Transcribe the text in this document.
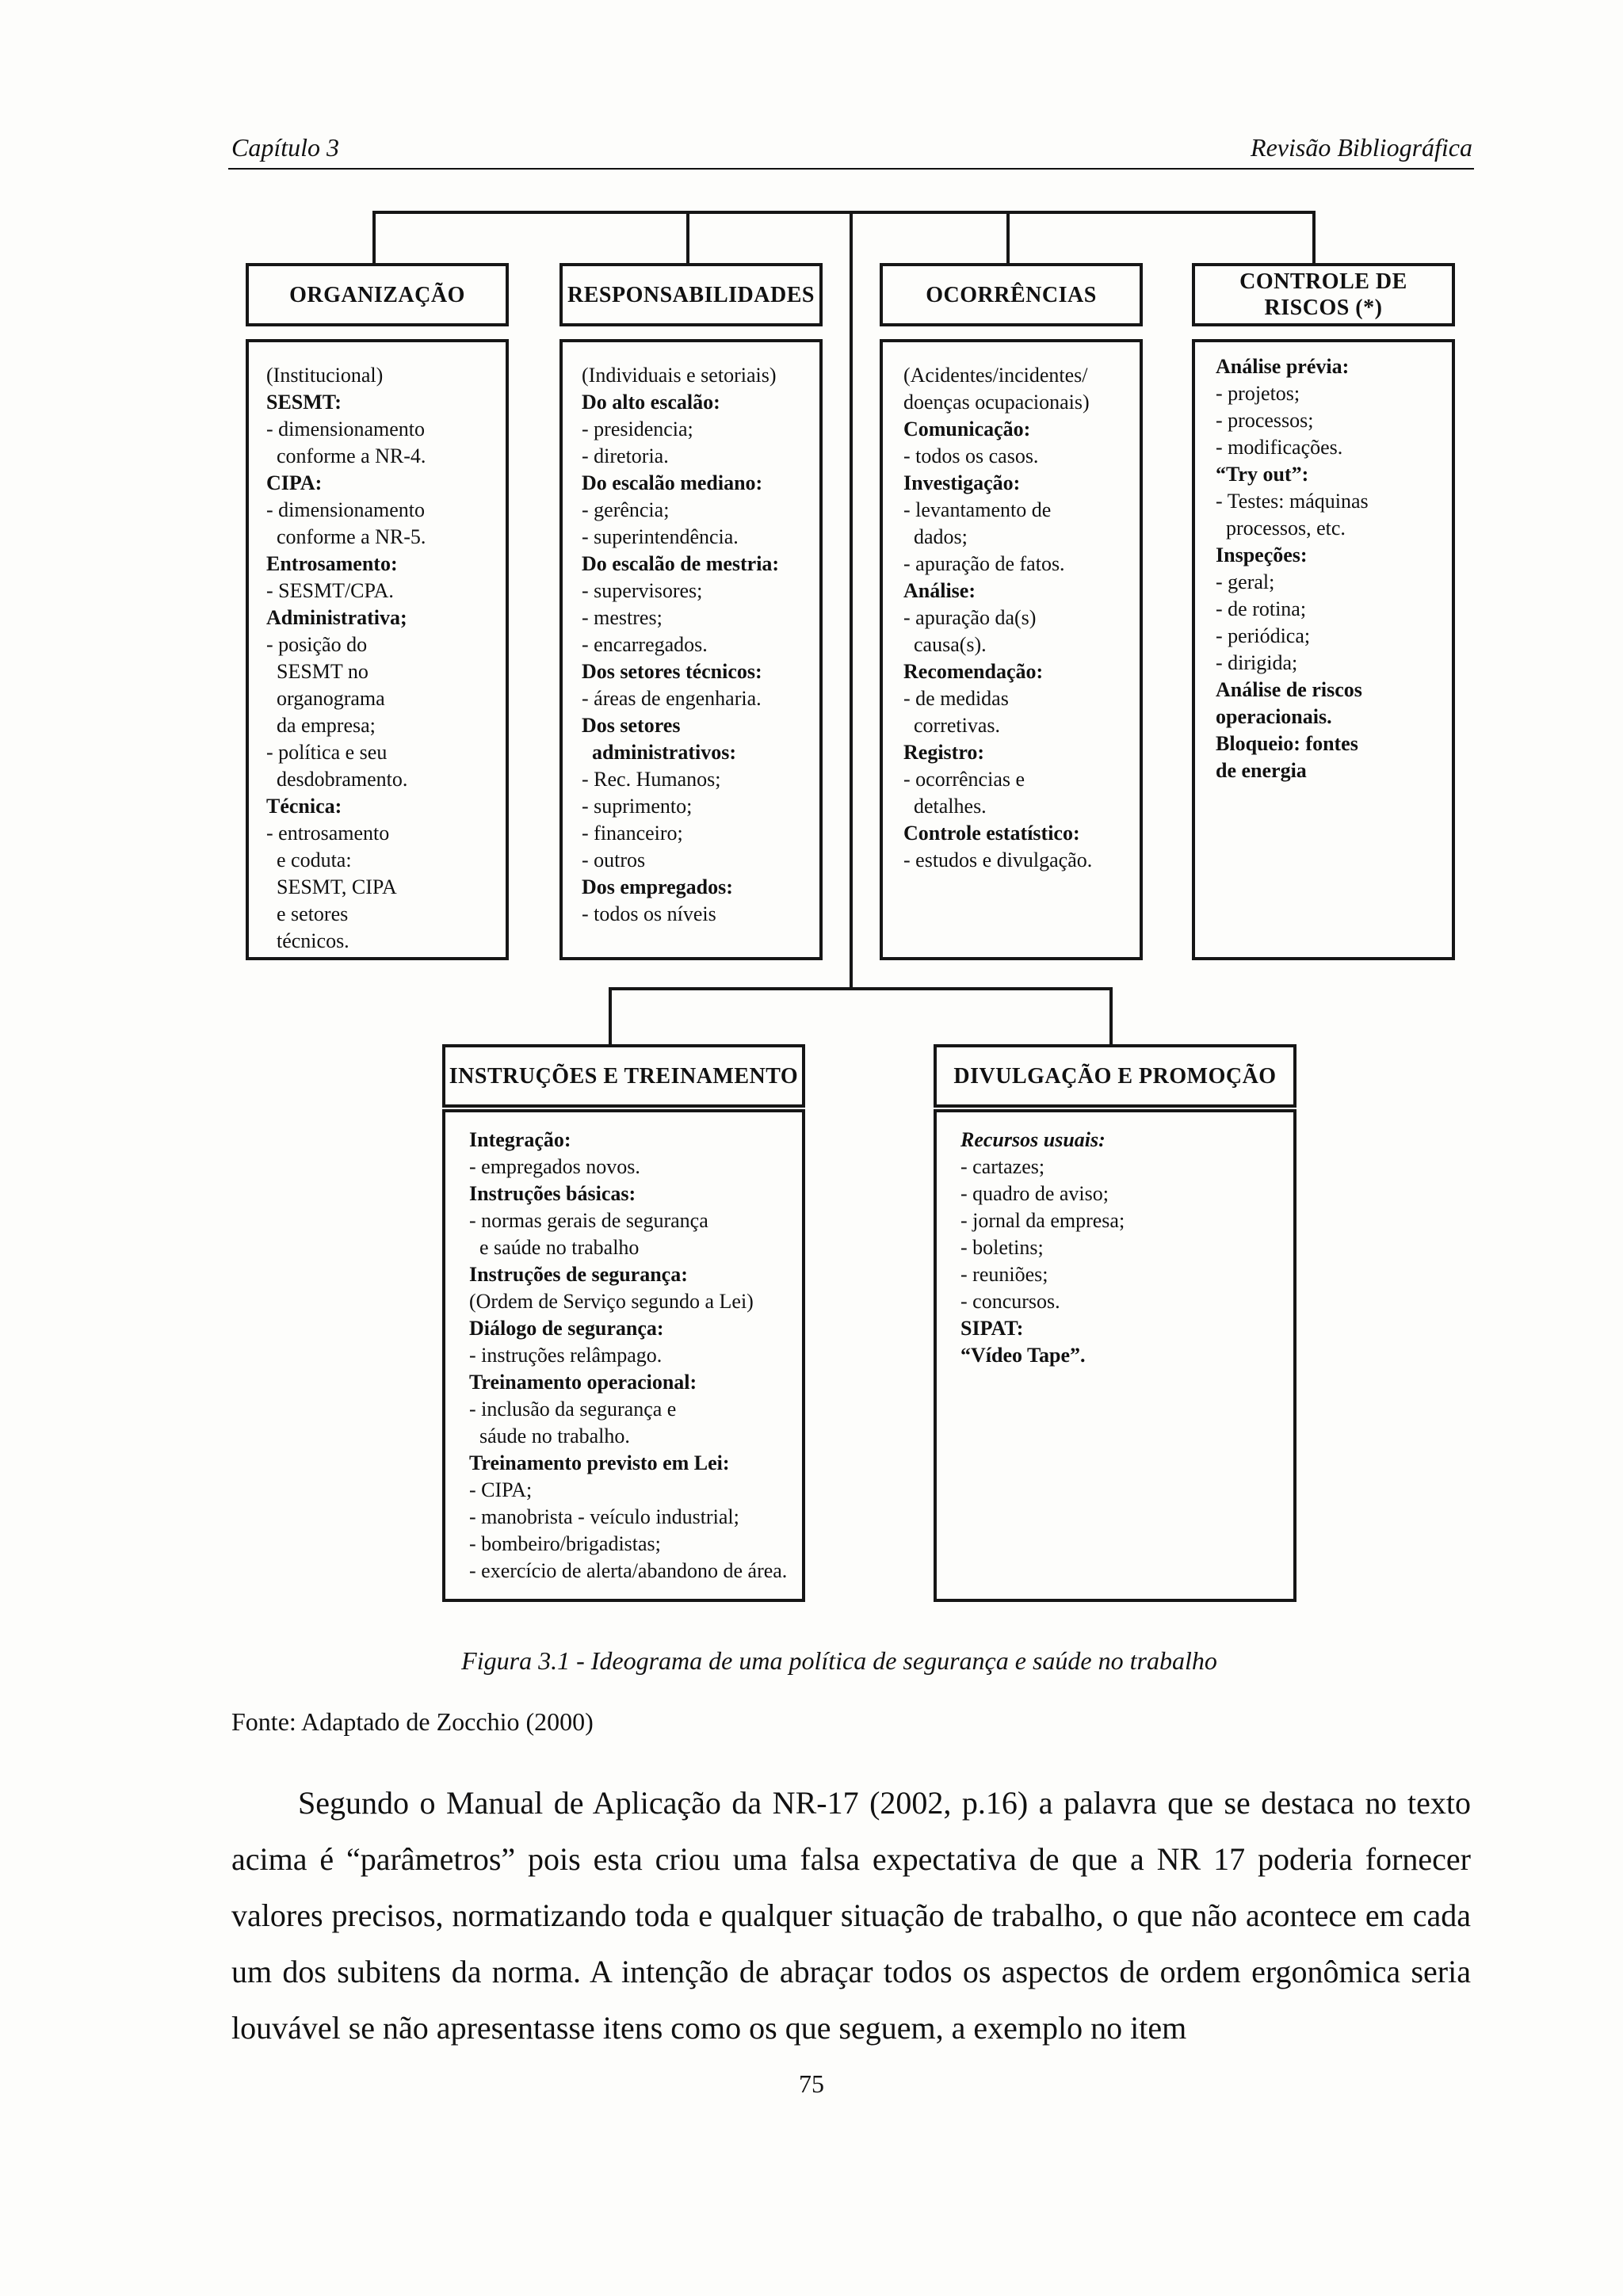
Capítulo 3	Revisão Bibliográfica
ORGANIZAÇÃO
(Institucional)
SESMT:
- dimensionamento
conforme a NR-4.
CIPA:
- dimensionamento
conforme a NR-5.
Entrosamento:
- SESMT/CPA.
Administrativa;
- posição do
SESMT no
organograma
da empresa;
- política e seu
desdobramento.
Técnica:
- entrosamento
e coduta:
SESMT, CIPA
e setores
técnicos.
RESPONSABILIDADES
(Individuais e setoriais)
Do alto escalão:
- presidencia;
- diretoria.
Do escalão mediano:
- gerência;
- superintendência.
Do escalão de mestria:
- supervisores;
- mestres;
- encarregados.
Dos setores técnicos:
- áreas de engenharia.
Dos setores
administrativos:
- Rec. Humanos;
- suprimento;
- financeiro;
- outros
Dos empregados:
- todos os níveis
OCORRÊNCIAS
(Acidentes/incidentes/
doenças ocupacionais)
Comunicação:
- todos os casos.
Investigação:
- levantamento de
dados;
- apuração de fatos.
Análise:
- apuração da(s)
causa(s).
Recomendação:
- de medidas
corretivas.
Registro:
- ocorrências e
detalhes.
Controle estatístico:
- estudos e divulgação.
CONTROLE DE
RISCOS (*)
Análise prévia:
- projetos;
- processos;
- modificações.
“Try out”:
- Testes: máquinas
processos, etc.
Inspeções:
- geral;
- de rotina;
- periódica;
- dirigida;
Análise de riscos
operacionais.
Bloqueio: fontes
de energia
INSTRUÇÕES E TREINAMENTO
Integração:
- empregados novos.
Instruções básicas:
- normas gerais de segurança
e saúde no trabalho
Instruções de segurança:
(Ordem de Serviço segundo a Lei)
Diálogo de segurança:
- instruções relâmpago.
Treinamento operacional:
- inclusão da segurança e
sáude no trabalho.
Treinamento previsto em Lei:
- CIPA;
- manobrista - veículo industrial;
- bombeiro/brigadistas;
- exercício de alerta/abandono de área.
DIVULGAÇÃO E PROMOÇÃO
Recursos usuais:
- cartazes;
- quadro de aviso;
- jornal da empresa;
- boletins;
- reuniões;
- concursos.
SIPAT:
“Vídeo Tape”.
Figura 3.1 - Ideograma de uma política de segurança e saúde no trabalho
Fonte: Adaptado de Zocchio (2000)

Segundo o Manual de Aplicação da NR-17 (2002, p.16) a palavra que se destaca no texto acima é “parâmetros” pois esta criou uma falsa expectativa de que a NR 17 poderia fornecer valores precisos, normatizando toda e qualquer situação de trabalho, o que não acontece em cada um dos subitens da norma. A intenção de abraçar todos os aspectos de ordem ergonômica seria louvável se não apresentasse itens como os que seguem, a exemplo no item

75
